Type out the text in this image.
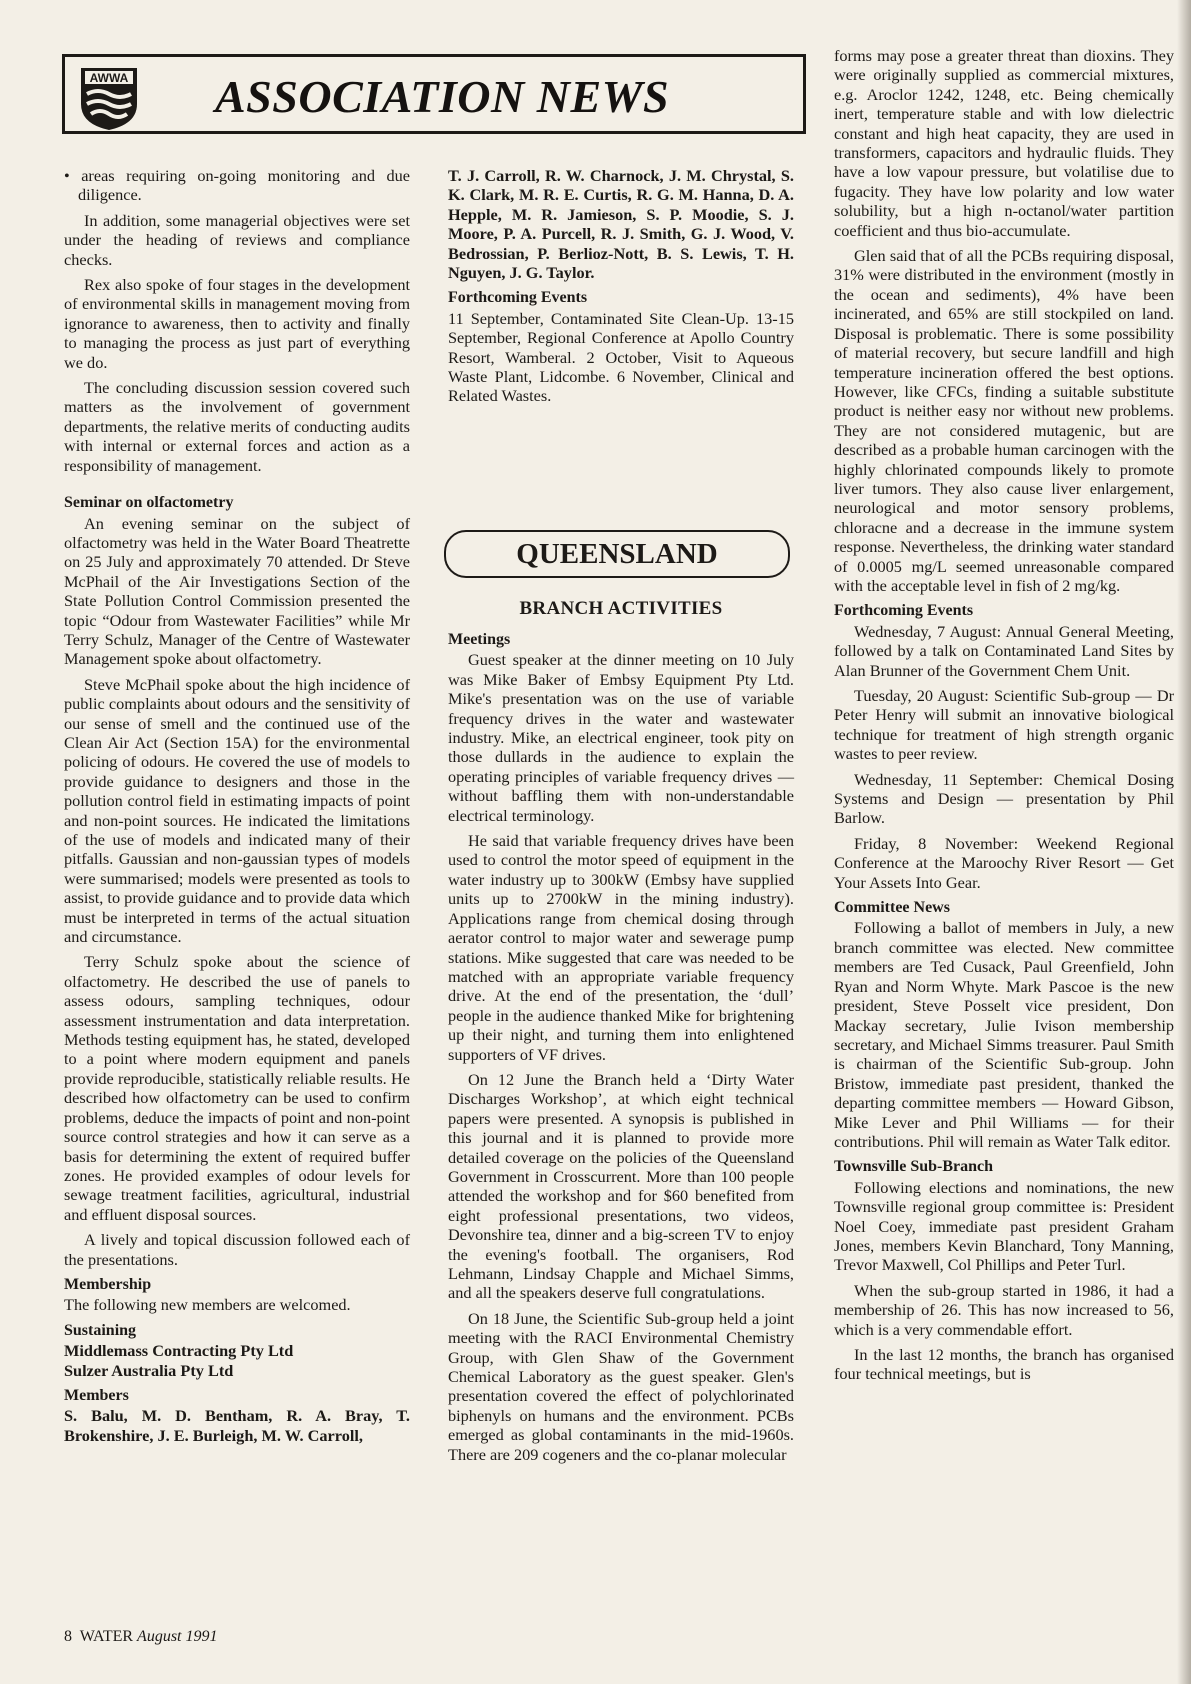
AWWA ASSOCIATION NEWS

• areas requiring on-going monitoring and due diligence.

In addition, some managerial objectives were set under the heading of reviews and compliance checks.

Rex also spoke of four stages in the development of environmental skills in management moving from ignorance to awareness, then to activity and finally to managing the process as just part of everything we do.

The concluding discussion session covered such matters as the involvement of government departments, the relative merits of conducting audits with internal or external forces and action as a responsibility of management.

Seminar on olfactometry

An evening seminar on the subject of olfactometry was held in the Water Board Theatrette on 25 July and approximately 70 attended. Dr Steve McPhail of the Air Investigations Section of the State Pollution Control Commission presented the topic “Odour from Wastewater Facilities” while Mr Terry Schulz, Manager of the Centre of Wastewater Management spoke about olfactometry.

Steve McPhail spoke about the high incidence of public complaints about odours and the sensitivity of our sense of smell and the continued use of the Clean Air Act (Section 15A) for the environmental policing of odours. He covered the use of models to provide guidance to designers and those in the pollution control field in estimating impacts of point and non-point sources. He indicated the limitations of the use of models and indicated many of their pitfalls. Gaussian and non-gaussian types of models were summarised; models were presented as tools to assist, to provide guidance and to provide data which must be interpreted in terms of the actual situation and circumstance.

Terry Schulz spoke about the science of olfactometry. He described the use of panels to assess odours, sampling techniques, odour assessment instrumentation and data interpretation. Methods testing equipment has, he stated, developed to a point where modern equipment and panels provide reproducible, statistically reliable results. He described how olfactometry can be used to confirm problems, deduce the impacts of point and non-point source control strategies and how it can serve as a basis for determining the extent of required buffer zones. He provided examples of odour levels for sewage treatment facilities, agricultural, industrial and effluent disposal sources.

A lively and topical discussion followed each of the presentations.

Membership

The following new members are welcomed.

Sustaining

Middlemass Contracting Pty Ltd

Sulzer Australia Pty Ltd

Members

S. Balu, M. D. Bentham, R. A. Bray, T. Brokenshire, J. E. Burleigh, M. W. Carroll,

T. J. Carroll, R. W. Charnock, J. M. Chrystal, S. K. Clark, M. R. E. Curtis, R. G. M. Hanna, D. A. Hepple, M. R. Jamieson, S. P. Moodie, S. J. Moore, P. A. Purcell, R. J. Smith, G. J. Wood, V. Bedrossian, P. Berlioz-Nott, B. S. Lewis, T. H. Nguyen, J. G. Taylor.

Forthcoming Events

11 September, Contaminated Site Clean-Up. 13-15 September, Regional Conference at Apollo Country Resort, Wamberal. 2 October, Visit to Aqueous Waste Plant, Lidcombe. 6 November, Clinical and Related Wastes.

QUEENSLAND
BRANCH ACTIVITIES
Meetings

Guest speaker at the dinner meeting on 10 July was Mike Baker of Embsy Equipment Pty Ltd. Mike's presentation was on the use of variable frequency drives in the water and wastewater industry. Mike, an electrical engineer, took pity on those dullards in the audience to explain the operating principles of variable frequency drives — without baffling them with non-understandable electrical terminology.

He said that variable frequency drives have been used to control the motor speed of equipment in the water industry up to 300kW (Embsy have supplied units up to 2700kW in the mining industry). Applications range from chemical dosing through aerator control to major water and sewerage pump stations. Mike suggested that care was needed to be matched with an appropriate variable frequency drive. At the end of the presentation, the ‘dull’ people in the audience thanked Mike for brightening up their night, and turning them into enlightened supporters of VF drives.

On 12 June the Branch held a ‘Dirty Water Discharges Workshop’, at which eight technical papers were presented. A synopsis is published in this journal and it is planned to provide more detailed coverage on the policies of the Queensland Government in Crosscurrent. More than 100 people attended the workshop and for $60 benefited from eight professional presentations, two videos, Devonshire tea, dinner and a big-screen TV to enjoy the evening's football. The organisers, Rod Lehmann, Lindsay Chapple and Michael Simms, and all the speakers deserve full congratulations.

On 18 June, the Scientific Sub-group held a joint meeting with the RACI Environmental Chemistry Group, with Glen Shaw of the Government Chemical Laboratory as the guest speaker. Glen's presentation covered the effect of polychlorinated biphenyls on humans and the environment. PCBs emerged as global contaminants in the mid-1960s. There are 209 cogeners and the co-planar molecular

forms may pose a greater threat than dioxins. They were originally supplied as commercial mixtures, e.g. Aroclor 1242, 1248, etc. Being chemically inert, temperature stable and with low dielectric constant and high heat capacity, they are used in transformers, capacitors and hydraulic fluids. They have a low vapour pressure, but volatilise due to fugacity. They have low polarity and low water solubility, but a high n-octanol/water partition coefficient and thus bio-accumulate.

Glen said that of all the PCBs requiring disposal, 31% were distributed in the environment (mostly in the ocean and sediments), 4% have been incinerated, and 65% are still stockpiled on land. Disposal is problematic. There is some possibility of material recovery, but secure landfill and high temperature incineration offered the best options. However, like CFCs, finding a suitable substitute product is neither easy nor without new problems. They are not considered mutagenic, but are described as a probable human carcinogen with the highly chlorinated compounds likely to promote liver tumors. They also cause liver enlargement, neurological and motor sensory problems, chloracne and a decrease in the immune system response. Nevertheless, the drinking water standard of 0.0005 mg/L seemed unreasonable compared with the acceptable level in fish of 2 mg/kg.

Forthcoming Events

Wednesday, 7 August: Annual General Meeting, followed by a talk on Contaminated Land Sites by Alan Brunner of the Government Chem Unit.

Tuesday, 20 August: Scientific Sub-group — Dr Peter Henry will submit an innovative biological technique for treatment of high strength organic wastes to peer review.

Wednesday, 11 September: Chemical Dosing Systems and Design — presentation by Phil Barlow.

Friday, 8 November: Weekend Regional Conference at the Maroochy River Resort — Get Your Assets Into Gear.

Committee News

Following a ballot of members in July, a new branch committee was elected. New committee members are Ted Cusack, Paul Greenfield, John Ryan and Norm Whyte. Mark Pascoe is the new president, Steve Posselt vice president, Don Mackay secretary, Julie Ivison membership secretary, and Michael Simms treasurer. Paul Smith is chairman of the Scientific Sub-group. John Bristow, immediate past president, thanked the departing committee members — Howard Gibson, Mike Lever and Phil Williams — for their contributions. Phil will remain as Water Talk editor.

Townsville Sub-Branch

Following elections and nominations, the new Townsville regional group committee is: President Noel Coey, immediate past president Graham Jones, members Kevin Blanchard, Tony Manning, Trevor Maxwell, Col Phillips and Peter Turl.

When the sub-group started in 1986, it had a membership of 26. This has now increased to 56, which is a very commendable effort.

In the last 12 months, the branch has organised four technical meetings, but is

8 WATER August 1991
